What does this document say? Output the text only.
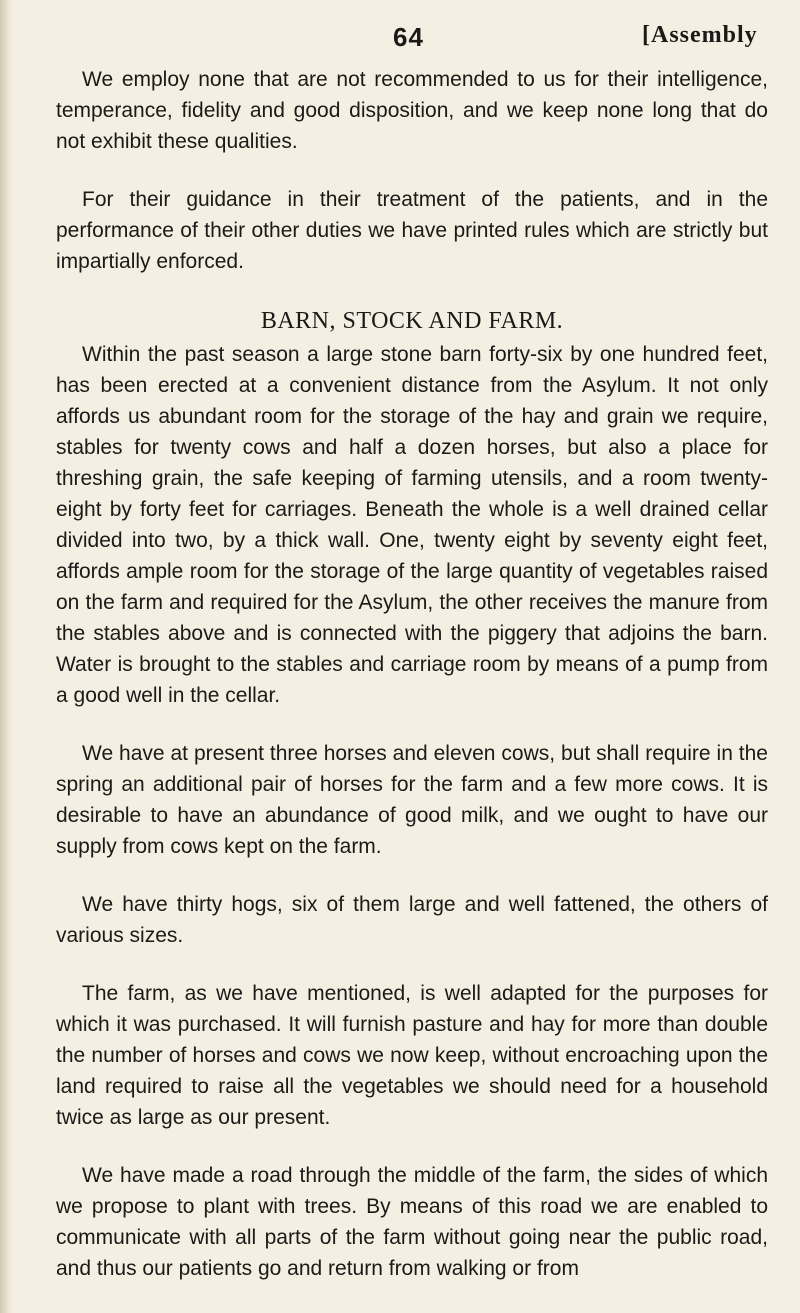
64	[Assembly

We employ none that are not recommended to us for their intelligence, temperance, fidelity and good disposition, and we keep none long that do not exhibit these qualities.

For their guidance in their treatment of the patients, and in the performance of their other duties we have printed rules which are strictly but impartially enforced.

BARN, STOCK AND FARM.

Within the past season a large stone barn forty-six by one hundred feet, has been erected at a convenient distance from the Asylum. It not only affords us abundant room for the storage of the hay and grain we require, stables for twenty cows and half a dozen horses, but also a place for threshing grain, the safe keeping of farming utensils, and a room twenty-eight by forty feet for carriages. Beneath the whole is a well drained cellar divided into two, by a thick wall. One, twenty eight by seventy eight feet, affords ample room for the storage of the large quantity of vegetables raised on the farm and required for the Asylum, the other receives the manure from the stables above and is connected with the piggery that adjoins the barn. Water is brought to the stables and carriage room by means of a pump from a good well in the cellar.

We have at present three horses and eleven cows, but shall require in the spring an additional pair of horses for the farm and a few more cows. It is desirable to have an abundance of good milk, and we ought to have our supply from cows kept on the farm.

We have thirty hogs, six of them large and well fattened, the others of various sizes.

The farm, as we have mentioned, is well adapted for the purposes for which it was purchased. It will furnish pasture and hay for more than double the number of horses and cows we now keep, without encroaching upon the land required to raise all the vegetables we should need for a household twice as large as our present.

We have made a road through the middle of the farm, the sides of which we propose to plant with trees. By means of this road we are enabled to communicate with all parts of the farm without going near the public road, and thus our patients go and return from walking or from
